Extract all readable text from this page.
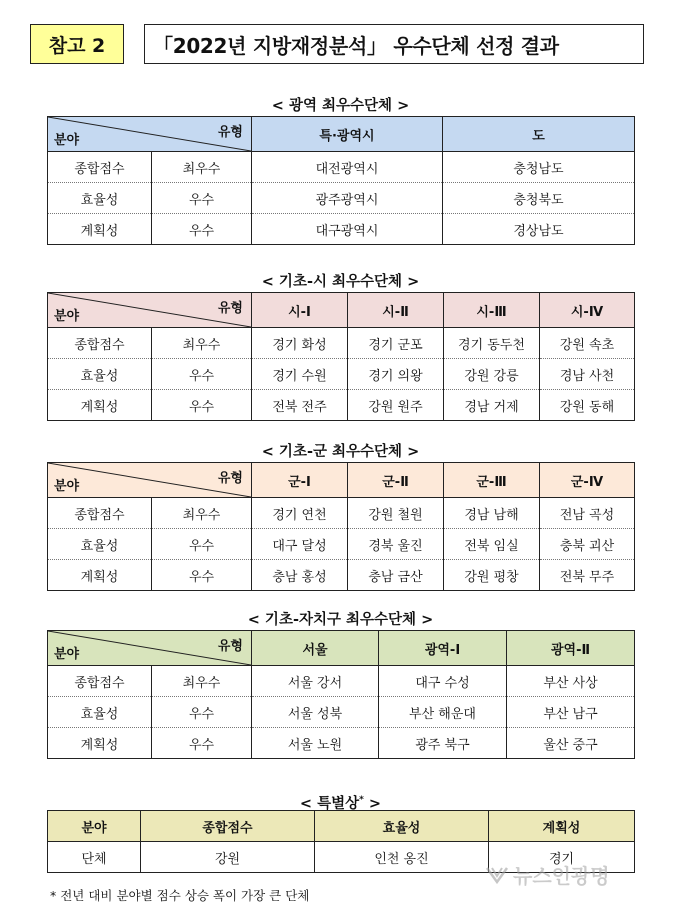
참고 2	「2022년 지방재정분석」 우수단체 선정 결과
< 광역 최우수단체 >
유형
분야		특·광역시	도
종합점수	최우수	대전광역시	충청남도
효율성	우수	광주광역시	충청북도
계획성	우수	대구광역시	경상남도
< 기초-시 최우수단체 >
유형
분야		시-Ⅰ	시-Ⅱ	시-Ⅲ	시-Ⅳ
종합점수	최우수	경기 화성	경기 군포	경기 동두천	강원 속초
효율성	우수	경기 수원	경기 의왕	강원 강릉	경남 사천
계획성	우수	전북 전주	강원 원주	경남 거제	강원 동해
< 기초-군 최우수단체 >
유형
분야		군-Ⅰ	군-Ⅱ	군-Ⅲ	군-Ⅳ
종합점수	최우수	경기 연천	강원 철원	경남 남해	전남 곡성
효율성	우수	대구 달성	경북 울진	전북 임실	충북 괴산
계획성	우수	충남 홍성	충남 금산	강원 평창	전북 무주
< 기초-자치구 최우수단체 >
유형
분야		서울	광역-Ⅰ	광역-Ⅱ
종합점수	최우수	서울 강서	대구 수성	부산 사상
효율성	우수	서울 성북	부산 해운대	부산 남구
계획성	우수	서울 노원	광주 북구	울산 중구
< 특별상* >
분야	종합점수	효율성	계획성
단체	강원	인천 옹진	경기
* 전년 대비 분야별 점수 상승 폭이 가장 큰 단체
뉴스인광명
